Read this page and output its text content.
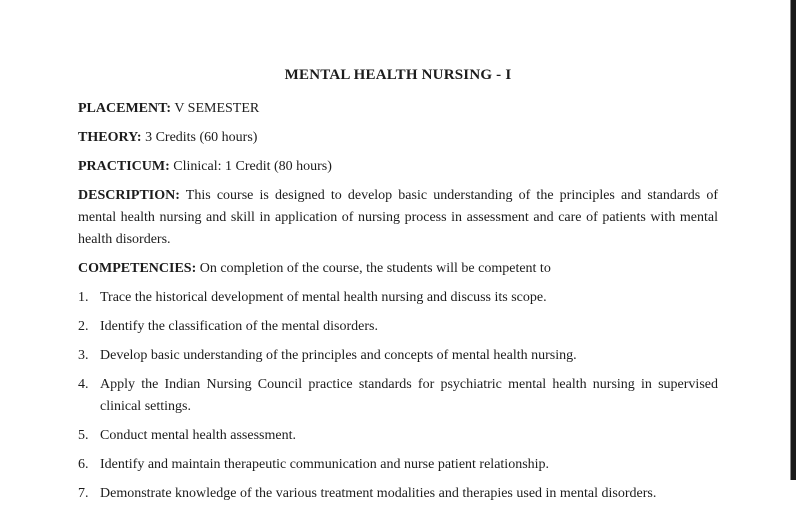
MENTAL HEALTH NURSING - I

PLACEMENT: V SEMESTER

THEORY: 3 Credits (60 hours)

PRACTICUM: Clinical: 1 Credit (80 hours)

DESCRIPTION: This course is designed to develop basic understanding of the principles and standards of mental health nursing and skill in application of nursing process in assessment and care of patients with mental health disorders.

COMPETENCIES: On completion of the course, the students will be competent to

1. Trace the historical development of mental health nursing and discuss its scope.
2. Identify the classification of the mental disorders.
3. Develop basic understanding of the principles and concepts of mental health nursing.
4. Apply the Indian Nursing Council practice standards for psychiatric mental health nursing in supervised clinical settings.
5. Conduct mental health assessment.
6. Identify and maintain therapeutic communication and nurse patient relationship.
7. Demonstrate knowledge of the various treatment modalities and therapies used in mental disorders.
